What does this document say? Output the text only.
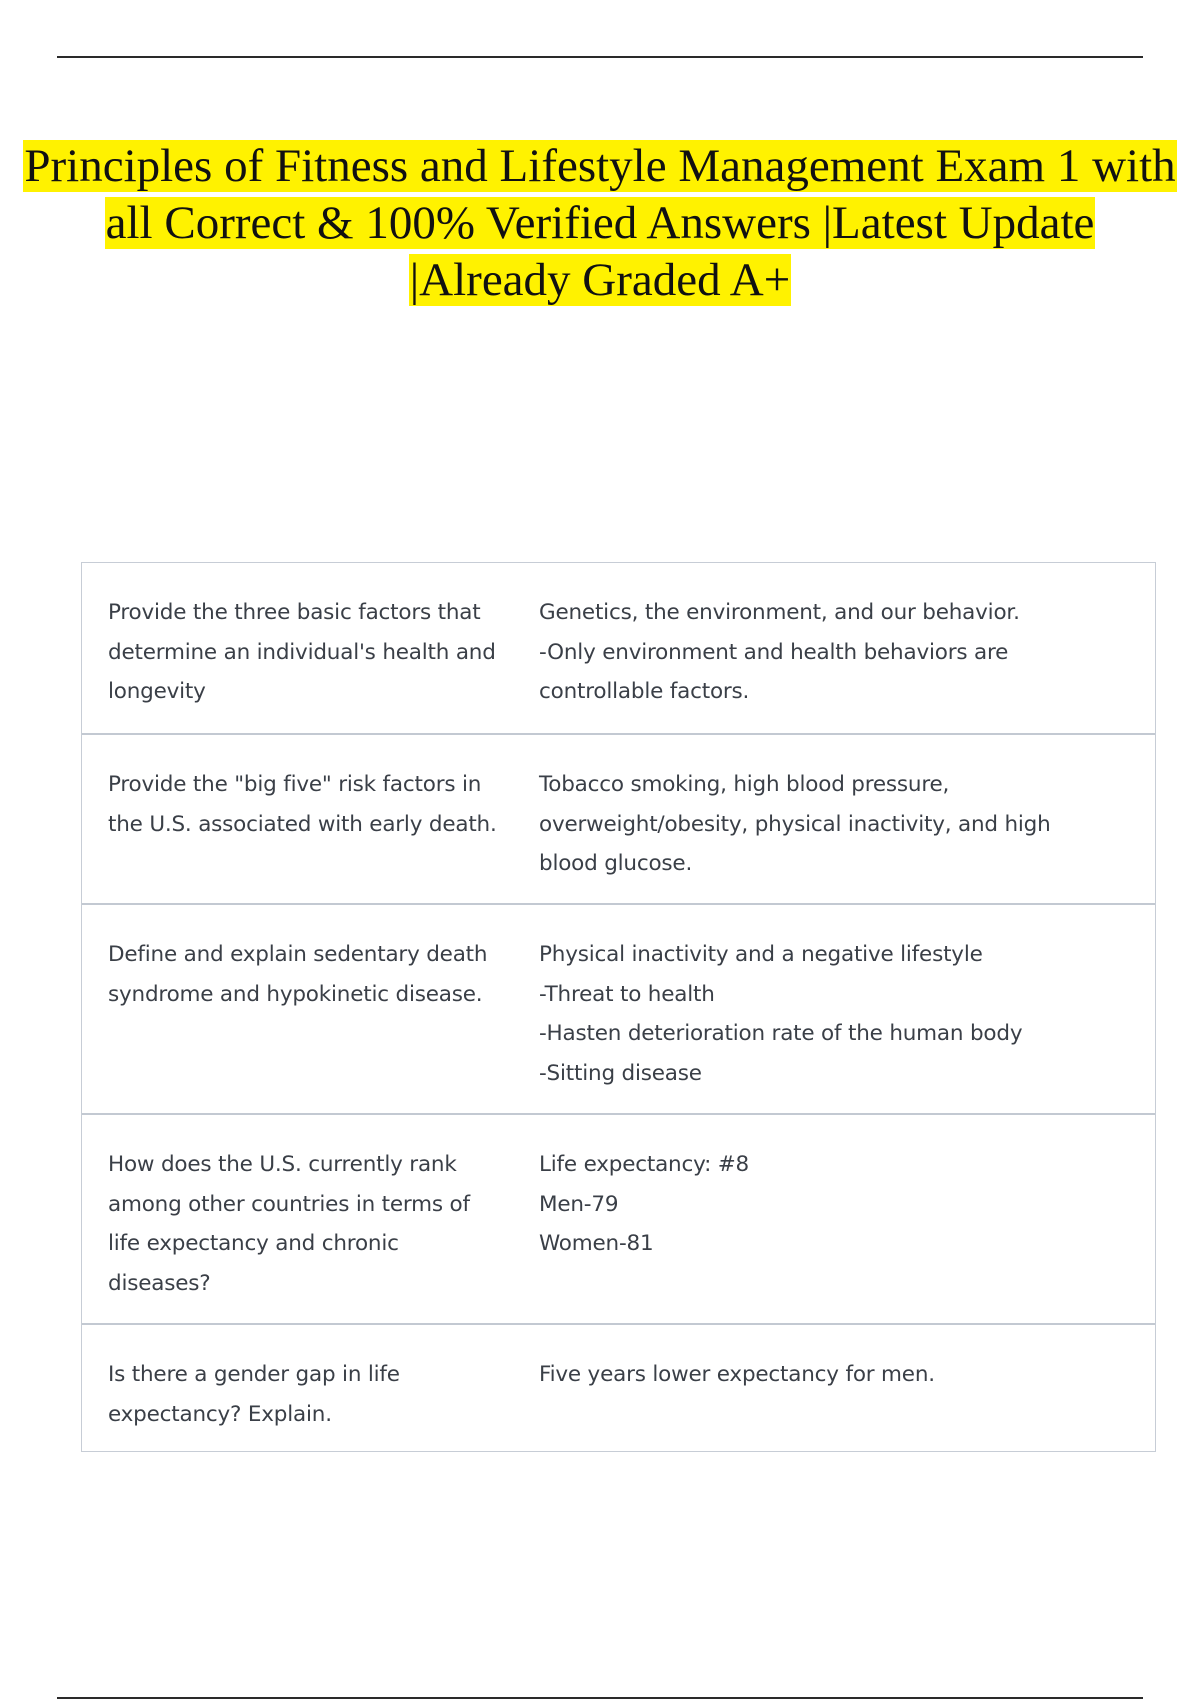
Principles of Fitness and Lifestyle Management Exam 1 with all Correct & 100% Verified Answers |Latest Update |Already Graded A+
Provide the three basic factors that
determine an individual's health and
longevity
Genetics, the environment, and our behavior.
-Only environment and health behaviors are
controllable factors.
Provide the "big five" risk factors in
the U.S. associated with early death.
Tobacco smoking, high blood pressure,
overweight/obesity, physical inactivity, and high
blood glucose.
Define and explain sedentary death
syndrome and hypokinetic disease.
Physical inactivity and a negative lifestyle
-Threat to health
-Hasten deterioration rate of the human body
-Sitting disease
How does the U.S. currently rank
among other countries in terms of
life expectancy and chronic
diseases?
Life expectancy: #8
Men-79
Women-81
Is there a gender gap in life
expectancy? Explain.
Five years lower expectancy for men.
